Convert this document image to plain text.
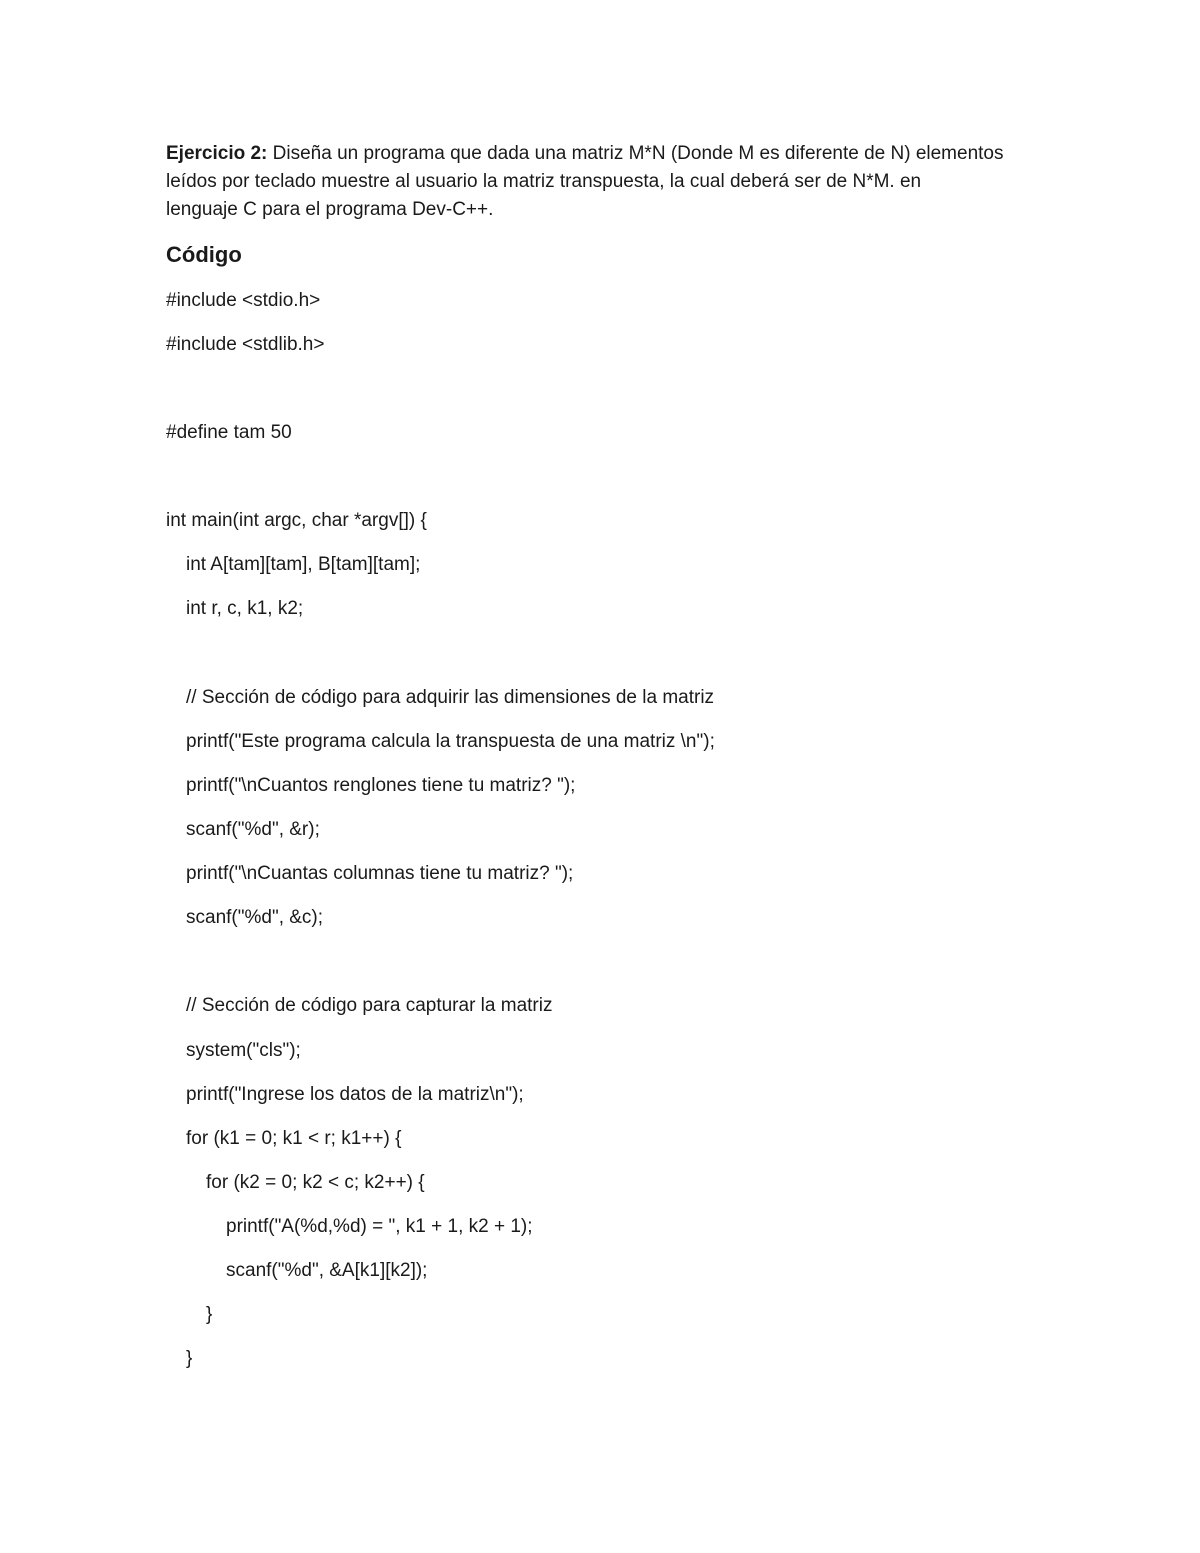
Ejercicio 2: Diseña un programa que dada una matriz M*N (Donde M es diferente de N) elementos
leídos por teclado muestre al usuario la matriz transpuesta, la cual deberá ser de N*M. en
lenguaje C para el programa Dev-C++.

Código
#include <stdio.h>
#include <stdlib.h>
#define tam 50
int main(int argc, char *argv[]) {
int A[tam][tam], B[tam][tam];
int r, c, k1, k2;
// Sección de código para adquirir las dimensiones de la matriz
printf("Este programa calcula la transpuesta de una matriz \n");
printf("\nCuantos renglones tiene tu matriz? ");
scanf("%d", &r);
printf("\nCuantas columnas tiene tu matriz? ");
scanf("%d", &c);
// Sección de código para capturar la matriz
system("cls");
printf("Ingrese los datos de la matriz\n");
for (k1 = 0; k1 < r; k1++) {
for (k2 = 0; k2 < c; k2++) {
printf("A(%d,%d) = ", k1 + 1, k2 + 1);
scanf("%d", &A[k1][k2]);
}
}
